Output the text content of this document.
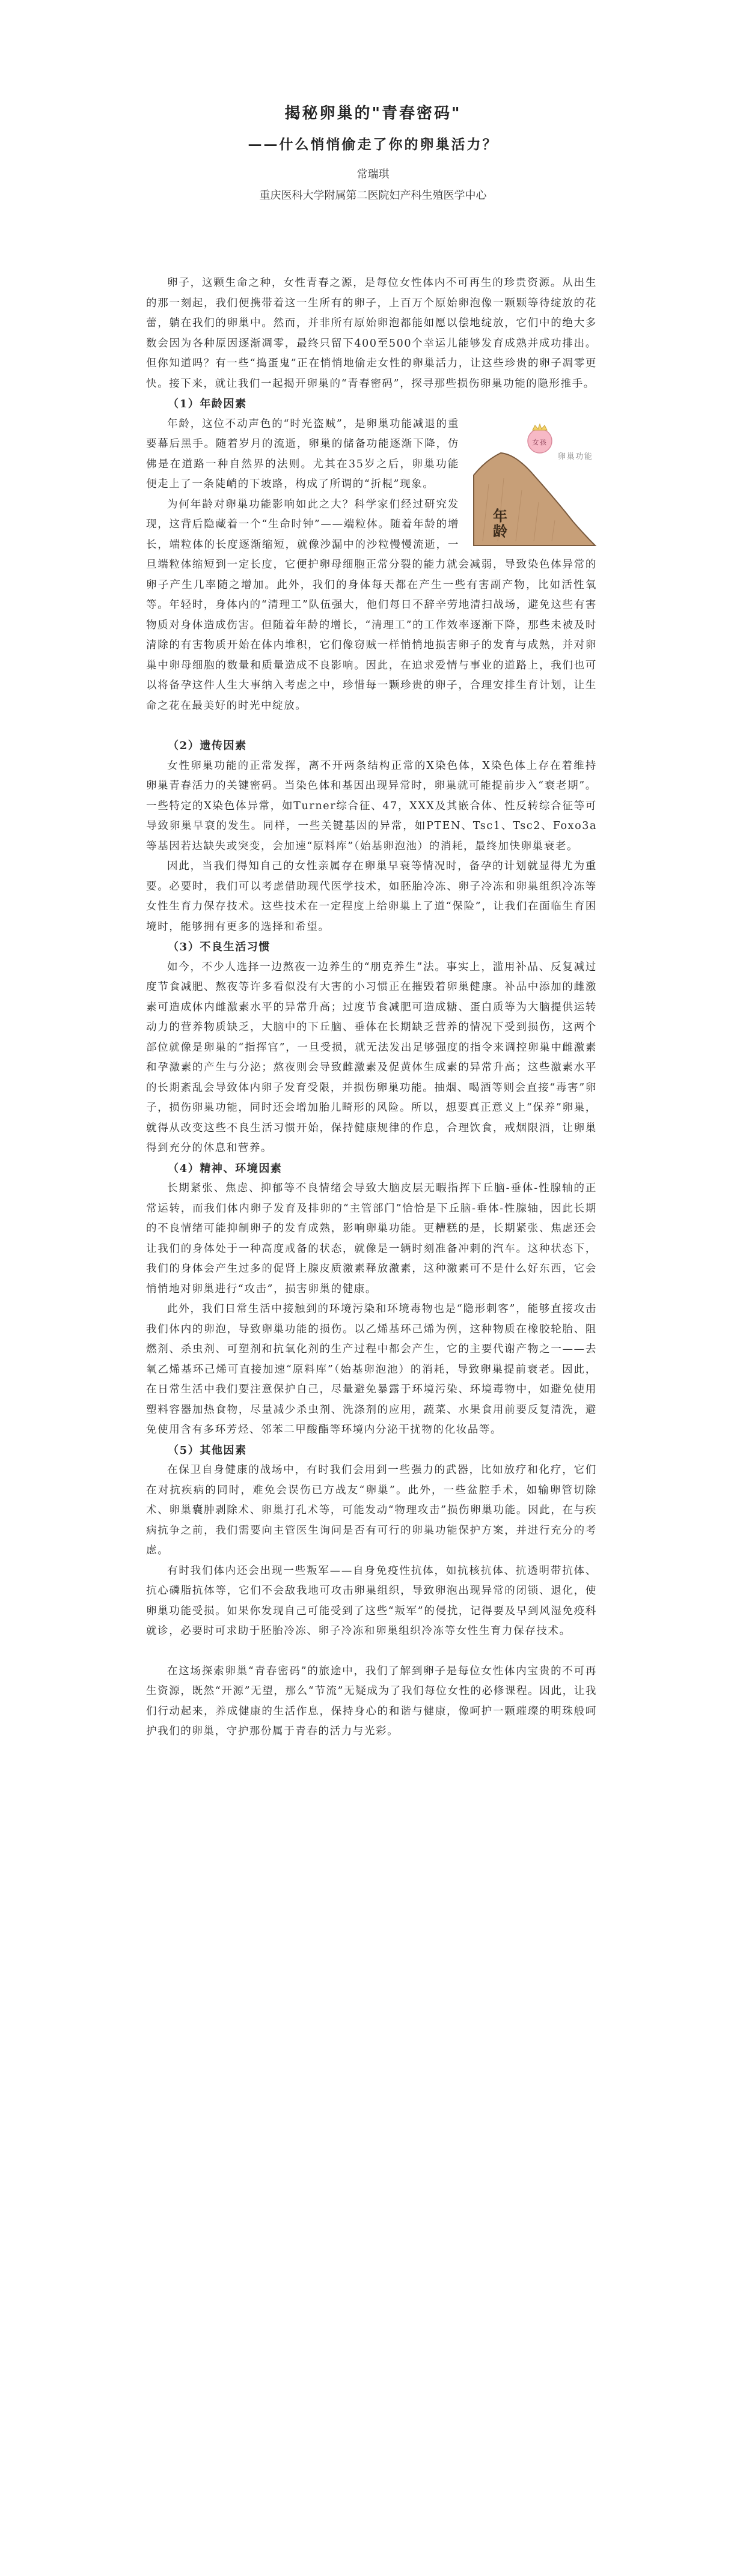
揭秘卵巢的"青春密码"
——什么悄悄偷走了你的卵巢活力？
常瑞琪
重庆医科大学附属第二医院妇产科生殖医学中心

卵子，这颗生命之种，女性青春之源，是每位女性体内不可再生的珍贵资源。从出生的那一刻起，我们便携带着这一生所有的卵子，上百万个原始卵泡像一颗颗等待绽放的花蕾，躺在我们的卵巢中。然而，并非所有原始卵泡都能如愿以偿地绽放，它们中的绝大多数会因为各种原因逐渐凋零，最终只留下400至500个幸运儿能够发育成熟并成功排出。但你知道吗？有一些“捣蛋鬼”正在悄悄地偷走女性的卵巢活力，让这些珍贵的卵子凋零更快。接下来，就让我们一起揭开卵巢的“青春密码”，探寻那些损伤卵巢功能的隐形推手。

（1）年龄因素
女孩
卵巢功能
年龄

年龄，这位不动声色的“时光盗贼”，是卵巢功能减退的重要幕后黑手。随着岁月的流逝，卵巢的储备功能逐渐下降，仿佛是在道路一种自然界的法则。尤其在35岁之后，卵巢功能便走上了一条陡峭的下坡路，构成了所谓的“折棍”现象。

为何年龄对卵巢功能影响如此之大？科学家们经过研究发现，这背后隐藏着一个“生命时钟”——端粒体。随着年龄的增长，端粒体的长度逐渐缩短，就像沙漏中的沙粒慢慢流逝，一旦端粒体缩短到一定长度，它便护卵母细胞正常分裂的能力就会减弱，导致染色体异常的卵子产生几率随之增加。此外，我们的身体每天都在产生一些有害副产物，比如活性氧等。年轻时，身体内的“清理工”队伍强大，他们每日不辞辛劳地清扫战场，避免这些有害物质对身体造成伤害。但随着年龄的增长，“清理工”的工作效率逐渐下降，那些未被及时清除的有害物质开始在体内堆积，它们像窃贼一样悄悄地损害卵子的发育与成熟，并对卵巢中卵母细胞的数量和质量造成不良影响。因此，在追求爱情与事业的道路上，我们也可以将备孕这件人生大事纳入考虑之中，珍惜每一颗珍贵的卵子，合理安排生育计划，让生命之花在最美好的时光中绽放。

（2）遗传因素

女性卵巢功能的正常发挥，离不开两条结构正常的X染色体，X染色体上存在着维持卵巢青春活力的关键密码。当染色体和基因出现异常时，卵巢就可能提前步入“衰老期”。一些特定的X染色体异常，如Turner综合征、47，XXX及其嵌合体、性反转综合征等可导致卵巢早衰的发生。同样，一些关键基因的异常，如PTEN、Tsc1、Tsc2、Foxo3a等基因若达缺失或突变，会加速“原料库”（始基卵泡池）的消耗，最终加快卵巢衰老。

因此，当我们得知自己的女性亲属存在卵巢早衰等情况时，备孕的计划就显得尤为重要。必要时，我们可以考虑借助现代医学技术，如胚胎冷冻、卵子冷冻和卵巢组织冷冻等女性生育力保存技术。这些技术在一定程度上给卵巢上了道“保险”，让我们在面临生育困境时，能够拥有更多的选择和希望。

（3）不良生活习惯

如今，不少人选择一边熬夜一边养生的“朋克养生”法。事实上，滥用补品、反复减过度节食减肥、熬夜等许多看似没有大害的小习惯正在摧毁着卵巢健康。补品中添加的雌激素可造成体内雌激素水平的异常升高；过度节食减肥可造成糖、蛋白质等为大脑提供运转动力的营养物质缺乏，大脑中的下丘脑、垂体在长期缺乏营养的情况下受到损伤，这两个部位就像是卵巢的“指挥官”，一旦受损，就无法发出足够强度的指令来调控卵巢中雌激素和孕激素的产生与分泌；熬夜则会导致雌激素及促黄体生成素的异常升高；这些激素水平的长期紊乱会导致体内卵子发育受限，并损伤卵巢功能。抽烟、喝酒等则会直接“毒害”卵子，损伤卵巢功能，同时还会增加胎儿畸形的风险。所以，想要真正意义上“保养”卵巢，就得从改变这些不良生活习惯开始，保持健康规律的作息，合理饮食，戒烟限酒，让卵巢得到充分的休息和营养。

（4）精神、环境因素

长期紧张、焦虑、抑郁等不良情绪会导致大脑皮层无暇指挥下丘脑-垂体-性腺轴的正常运转，而我们体内卵子发育及排卵的“主管部门”恰恰是下丘脑-垂体-性腺轴，因此长期的不良情绪可能抑制卵子的发育成熟，影响卵巢功能。更糟糕的是，长期紧张、焦虑还会让我们的身体处于一种高度戒备的状态，就像是一辆时刻准备冲刺的汽车。这种状态下，我们的身体会产生过多的促肾上腺皮质激素释放激素，这种激素可不是什么好东西，它会悄悄地对卵巢进行“攻击”，损害卵巢的健康。

此外，我们日常生活中接触到的环境污染和环境毒物也是“隐形刺客”，能够直接攻击我们体内的卵泡，导致卵巢功能的损伤。以乙烯基环己烯为例，这种物质在橡胶轮胎、阻燃剂、杀虫剂、可塑剂和抗氧化剂的生产过程中都会产生，它的主要代谢产物之一——去氧乙烯基环己烯可直接加速“原料库”（始基卵泡池）的消耗，导致卵巢提前衰老。因此，在日常生活中我们要注意保护自己，尽量避免暴露于环境污染、环境毒物中，如避免使用塑料容器加热食物，尽量减少杀虫剂、洗涤剂的应用，蔬菜、水果食用前要反复清洗，避免使用含有多环芳烃、邻苯二甲酸酯等环境内分泌干扰物的化妆品等。

（5）其他因素

在保卫自身健康的战场中，有时我们会用到一些强力的武器，比如放疗和化疗，它们在对抗疾病的同时，难免会误伤已方战友“卵巢”。此外，一些盆腔手术，如输卵管切除术、卵巢囊肿剥除术、卵巢打孔术等，可能发动“物理攻击”损伤卵巢功能。因此，在与疾病抗争之前，我们需要向主管医生询问是否有可行的卵巢功能保护方案，并进行充分的考虑。

有时我们体内还会出现一些叛军——自身免疫性抗体，如抗核抗体、抗透明带抗体、抗心磷脂抗体等，它们不会敌我地可攻击卵巢组织，导致卵泡出现异常的闭锁、退化，使卵巢功能受损。如果你发现自己可能受到了这些“叛军”的侵扰，记得要及早到风湿免疫科就诊，必要时可求助于胚胎冷冻、卵子冷冻和卵巢组织冷冻等女性生育力保存技术。

在这场探索卵巢“青春密码”的旅途中，我们了解到卵子是每位女性体内宝贵的不可再生资源，既然“开源”无望，那么“节流”无疑成为了我们每位女性的必修课程。因此，让我们行动起来，养成健康的生活作息，保持身心的和谐与健康，像呵护一颗璀璨的明珠般呵护我们的卵巢，守护那份属于青春的活力与光彩。
